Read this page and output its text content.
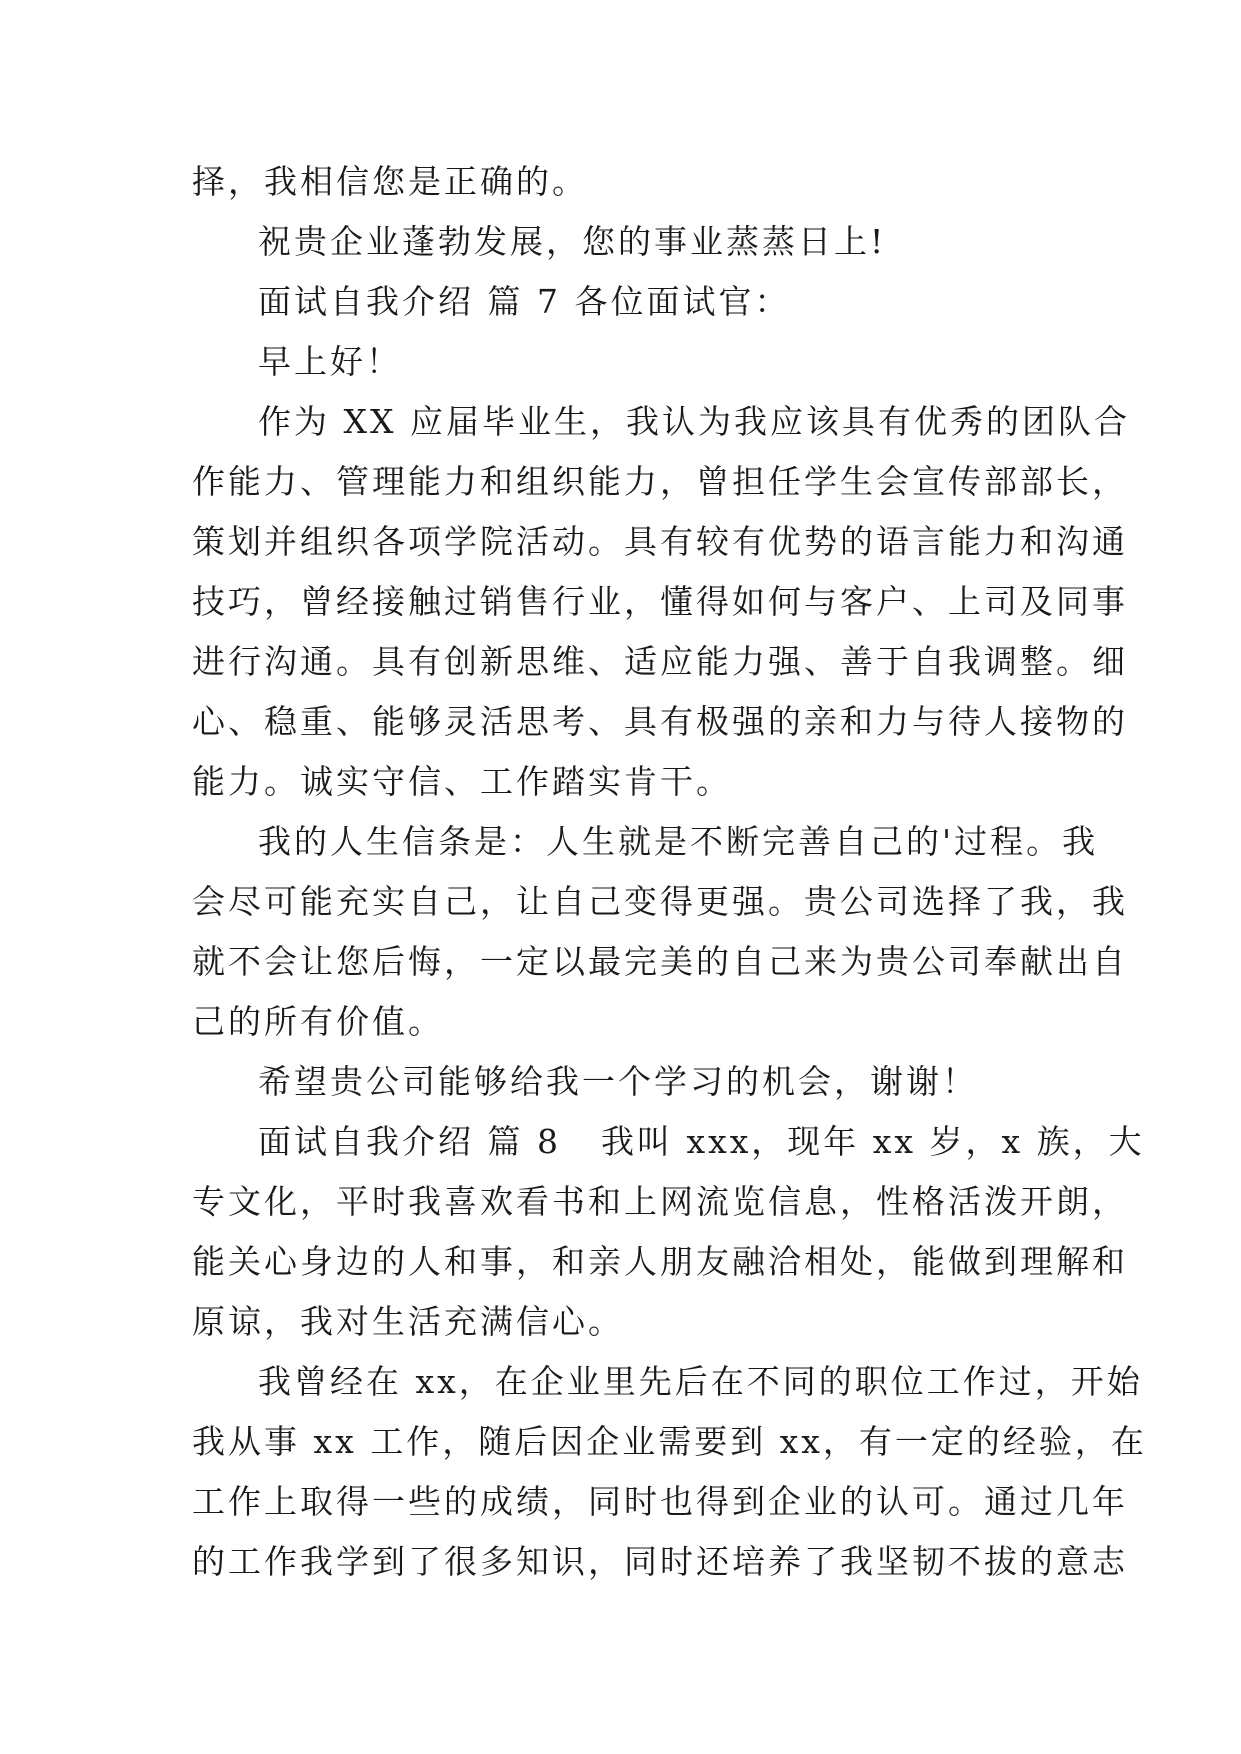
择，我相信您是正确的。
祝贵企业蓬勃发展，您的事业蒸蒸日上!
面试自我介绍 篇 7 各位面试官：
早上好！
作为 XX 应届毕业生，我认为我应该具有优秀的团队合
作能力、管理能力和组织能力，曾担任学生会宣传部部长，
策划并组织各项学院活动。具有较有优势的语言能力和沟通
技巧，曾经接触过销售行业，懂得如何与客户、上司及同事
进行沟通。具有创新思维、适应能力强、善于自我调整。细
心、稳重、能够灵活思考、具有极强的亲和力与待人接物的
能力。诚实守信、工作踏实肯干。
我的人生信条是：人生就是不断完善自己的'过程。我
会尽可能充实自己，让自己变得更强。贵公司选择了我，我
就不会让您后悔，一定以最完美的自己来为贵公司奉献出自
己的所有价值。
希望贵公司能够给我一个学习的机会，谢谢！
面试自我介绍 篇 8 我叫 xxx，现年 xx 岁，x 族，大
专文化，平时我喜欢看书和上网流览信息，性格活泼开朗，
能关心身边的人和事，和亲人朋友融洽相处，能做到理解和
原谅，我对生活充满信心。
我曾经在 xx，在企业里先后在不同的职位工作过，开始
我从事 xx 工作，随后因企业需要到 xx，有一定的经验，在
工作上取得一些的成绩，同时也得到企业的认可。通过几年
的工作我学到了很多知识，同时还培养了我坚韧不拔的意志
